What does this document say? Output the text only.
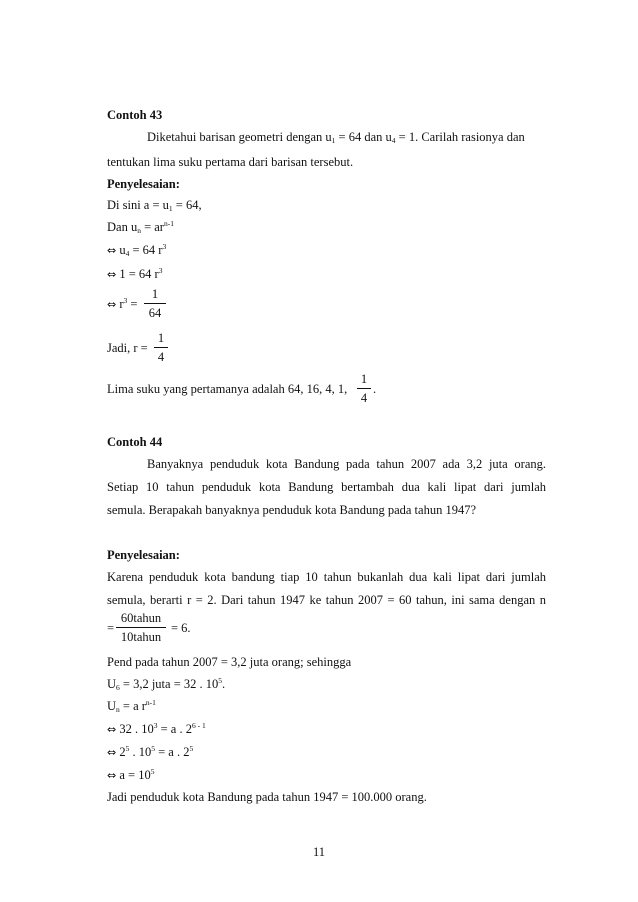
Contoh 43
Diketahui barisan geometri dengan $u_1 = 64$ dan $u_4 = 1$. Carilah rasionya dan
tentukan lima suku pertama dari barisan tersebut.
Penyelesaian:
Di sini $a = u_1 = 64$,
Dan $u_n = ar^{n-1}$
⇔ $u_4 = 64$ $r^3$
⇔ 1 = 64 $r^3$
⇔ $r^3$ =
1
64
Jadi, r =
1
4
Lima suku yang pertamanya adalah 64, 16, 4, 1,
1
4
.
Contoh 44
Banyaknya penduduk kota Bandung pada tahun 2007 ada 3,2 juta orang.
Setiap 10 tahun penduduk kota Bandung bertambah dua kali lipat dari jumlah
semula. Berapakah banyaknya penduduk kota Bandung pada tahun 1947?
Penyelesaian:
Karena penduduk kota bandung tiap 10 tahun bukanlah dua kali lipat dari jumlah
semula, berarti r = 2. Dari tahun 1947 ke tahun 2007 = 60 tahun, ini sama dengan n
=
60tahun
10tahun
= 6.
Pend pada tahun 2007 = 3,2 juta orang; sehingga
$U_6 = 3,2$ juta = 32 . $10^5$.
$U_n = a$ $r^{n-1}$
⇔ 32 . $10^3 = a$ . 2$^{6 - 1}$
⇔ $2^5$ . $10^5 = a$ . $2^5$
⇔ $a = 10^5$
Jadi penduduk kota Bandung pada tahun 1947 = 100.000 orang.
11
